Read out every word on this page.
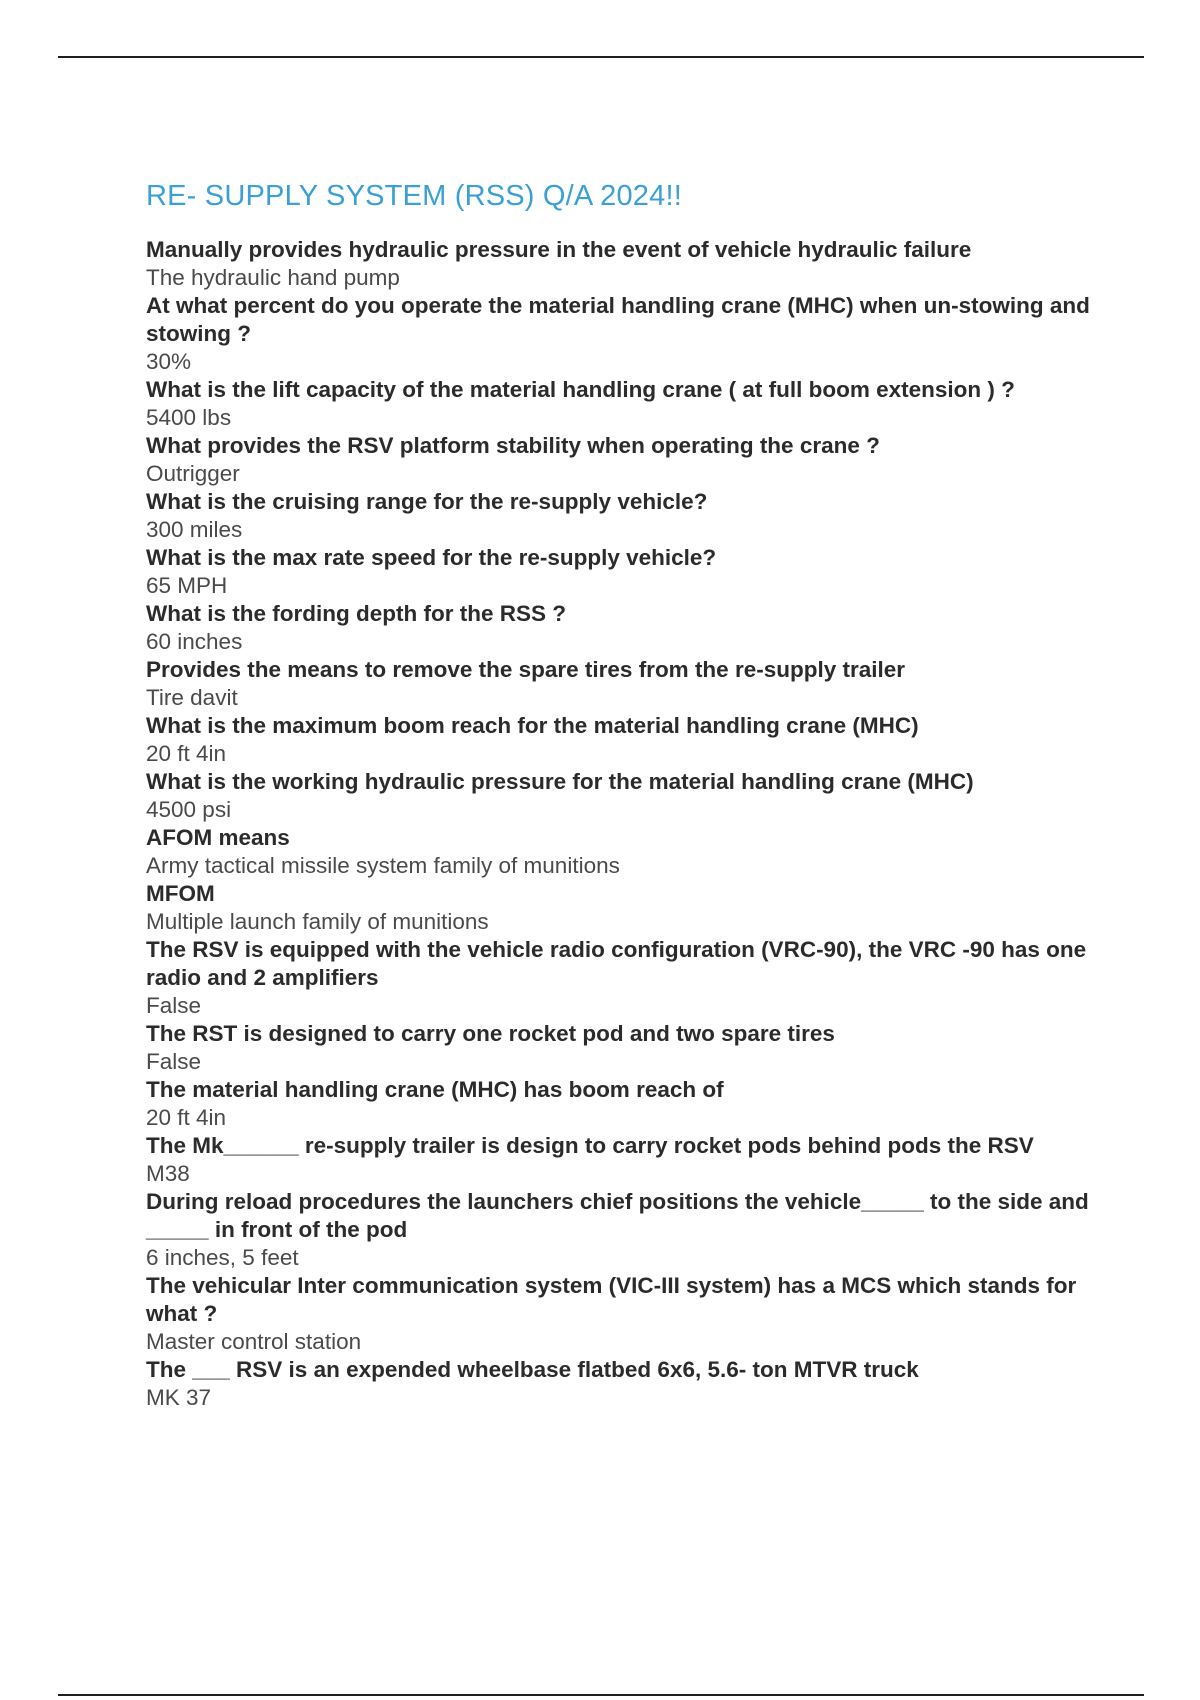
RE- SUPPLY SYSTEM (RSS) Q/A 2024!!
Manually provides hydraulic pressure in the event of vehicle hydraulic failure
The hydraulic hand pump
At what percent do you operate the material handling crane (MHC) when un-stowing and stowing ?
30%
What is the lift capacity of the material handling crane ( at full boom extension ) ?
5400 lbs
What provides the RSV platform stability when operating the crane ?
Outrigger
What is the cruising range for the re-supply vehicle?
300 miles
What is the max rate speed for the re-supply vehicle?
65 MPH
What is the fording depth for the RSS ?
60 inches
Provides the means to remove the spare tires from the re-supply trailer
Tire davit
What is the maximum boom reach for the material handling crane (MHC)
20 ft 4in
What is the working hydraulic pressure for the material handling crane (MHC)
4500 psi
AFOM means
Army tactical missile system family of munitions
MFOM
Multiple launch family of munitions
The RSV is equipped with the vehicle radio configuration (VRC-90), the VRC -90 has one radio and 2 amplifiers
False
The RST is designed to carry one rocket pod and two spare tires
False
The material handling crane (MHC) has boom reach of
20 ft 4in
The Mk______ re-supply trailer is design to carry rocket pods behind pods the RSV
M38
During reload procedures the launchers chief positions the vehicle_____ to the side and _____ in front of the pod
6 inches, 5 feet
The vehicular Inter communication system (VIC-III system) has a MCS which stands for what ?
Master control station
The ___ RSV is an expended wheelbase flatbed 6x6, 5.6- ton MTVR truck
MK 37
